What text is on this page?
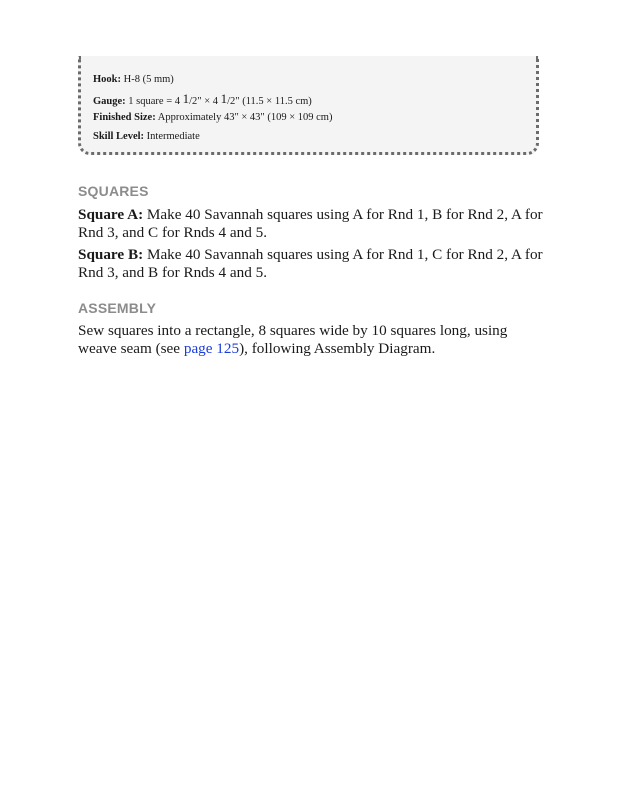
Hook: H-8 (5 mm)
Gauge: 1 square = 4 1/2" × 4 1/2" (11.5 × 11.5 cm)
Finished Size: Approximately 43" × 43" (109 × 109 cm)
Skill Level: Intermediate
SQUARES

Square A: Make 40 Savannah squares using A for Rnd 1, B for Rnd 2, A for Rnd 3, and C for Rnds 4 and 5.

Square B: Make 40 Savannah squares using A for Rnd 1, C for Rnd 2, A for Rnd 3, and B for Rnds 4 and 5.

ASSEMBLY

Sew squares into a rectangle, 8 squares wide by 10 squares long, using weave seam (see page 125), following Assembly Diagram.
